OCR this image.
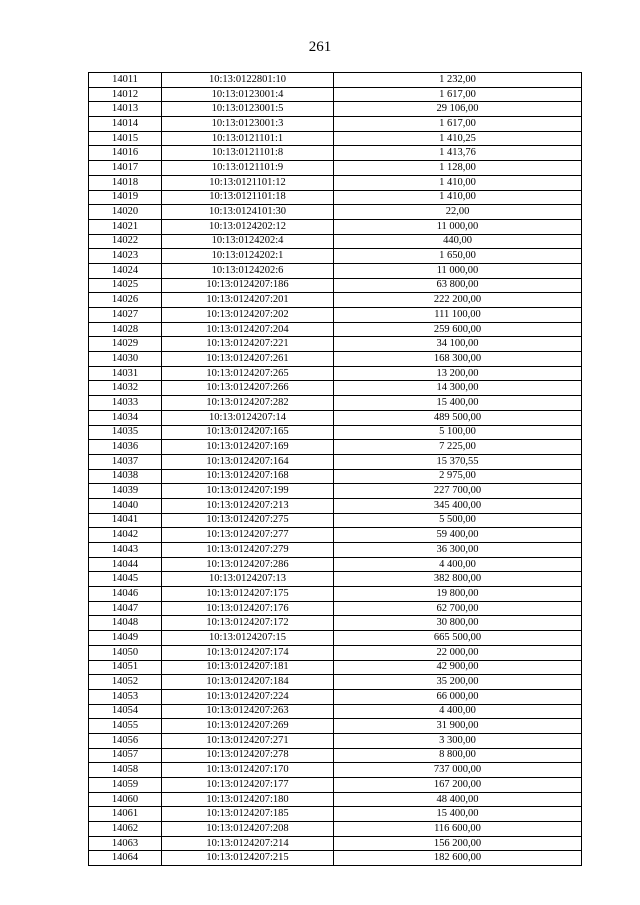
261
14011	10:13:0122801:10	1 232,00
14012	10:13:0123001:4	1 617,00
14013	10:13:0123001:5	29 106,00
14014	10:13:0123001:3	1 617,00
14015	10:13:0121101:1	1 410,25
14016	10:13:0121101:8	1 413,76
14017	10:13:0121101:9	1 128,00
14018	10:13:0121101:12	1 410,00
14019	10:13:0121101:18	1 410,00
14020	10:13:0124101:30	22,00
14021	10:13:0124202:12	11 000,00
14022	10:13:0124202:4	440,00
14023	10:13:0124202:1	1 650,00
14024	10:13:0124202:6	11 000,00
14025	10:13:0124207:186	63 800,00
14026	10:13:0124207:201	222 200,00
14027	10:13:0124207:202	111 100,00
14028	10:13:0124207:204	259 600,00
14029	10:13:0124207:221	34 100,00
14030	10:13:0124207:261	168 300,00
14031	10:13:0124207:265	13 200,00
14032	10:13:0124207:266	14 300,00
14033	10:13:0124207:282	15 400,00
14034	10:13:0124207:14	489 500,00
14035	10:13:0124207:165	5 100,00
14036	10:13:0124207:169	7 225,00
14037	10:13:0124207:164	15 370,55
14038	10:13:0124207:168	2 975,00
14039	10:13:0124207:199	227 700,00
14040	10:13:0124207:213	345 400,00
14041	10:13:0124207:275	5 500,00
14042	10:13:0124207:277	59 400,00
14043	10:13:0124207:279	36 300,00
14044	10:13:0124207:286	4 400,00
14045	10:13:0124207:13	382 800,00
14046	10:13:0124207:175	19 800,00
14047	10:13:0124207:176	62 700,00
14048	10:13:0124207:172	30 800,00
14049	10:13:0124207:15	665 500,00
14050	10:13:0124207:174	22 000,00
14051	10:13:0124207:181	42 900,00
14052	10:13:0124207:184	35 200,00
14053	10:13:0124207:224	66 000,00
14054	10:13:0124207:263	4 400,00
14055	10:13:0124207:269	31 900,00
14056	10:13:0124207:271	3 300,00
14057	10:13:0124207:278	8 800,00
14058	10:13:0124207:170	737 000,00
14059	10:13:0124207:177	167 200,00
14060	10:13:0124207:180	48 400,00
14061	10:13:0124207:185	15 400,00
14062	10:13:0124207:208	116 600,00
14063	10:13:0124207:214	156 200,00
14064	10:13:0124207:215	182 600,00
